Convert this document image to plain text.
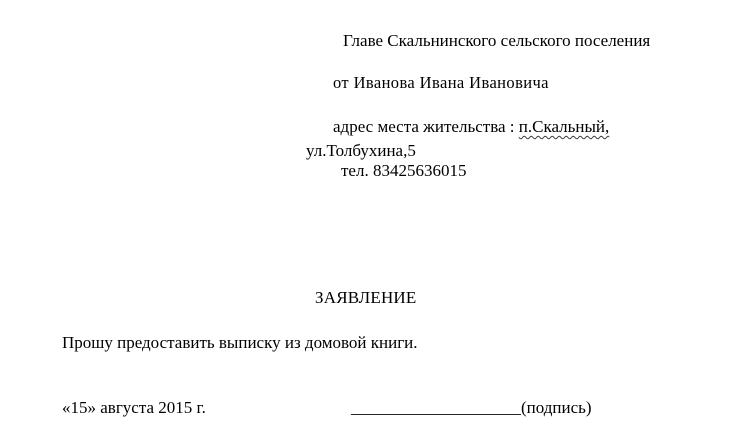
Главе Скальнинского сельского поселения
от Иванова Ивана Ивановича
адрес места жительства : п.Скальный,
ул.Толбухина,5
тел. 83425636015
ЗАЯВЛЕНИЕ
Прошу предоставить выписку из домовой книги.
«15» августа 2015 г.	____________________(подпись)
